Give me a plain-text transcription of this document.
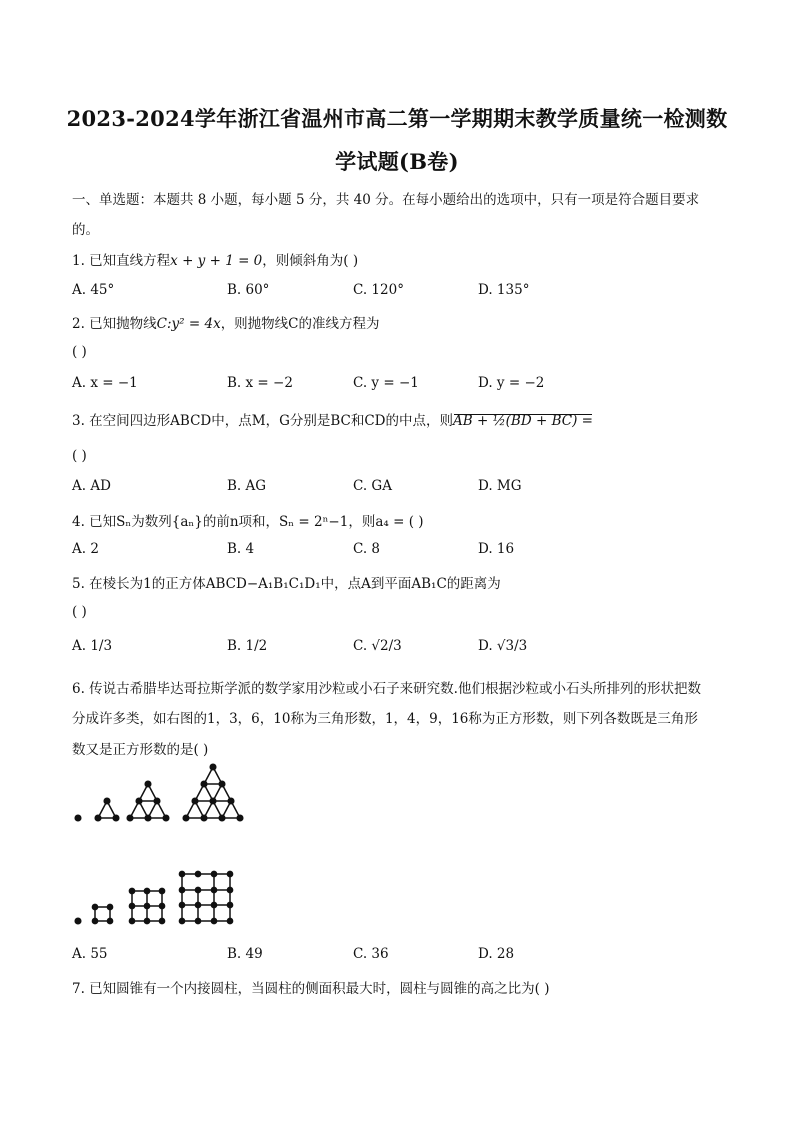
2023-2024学年浙江省温州市高二第一学期期末教学质量统一检测数
学试题(B卷)
一、单选题：本题共 8 小题，每小题 5 分，共 40 分。在每小题给出的选项中，只有一项是符合题目要求
的。
1. 已知直线方程x + y + 1 = 0，则倾斜角为( )
A. 45°	B. 60°	C. 120°	D. 135°
2. 已知抛物线C:y² = 4x，则抛物线C的准线方程为
( )
A. x = −1	B. x = −2	C. y = −1	D. y = −2
3. 在空间四边形ABCD中，点M，G分别是BC和CD的中点，则AB + ½(BD + BC) =
( )
A. AD	B. AG	C. GA	D. MG
4. 已知Sₙ为数列{aₙ}的前n项和，Sₙ = 2ⁿ−1，则a₄ = ( )
A. 2	B. 4	C. 8	D. 16
5. 在棱长为1的正方体ABCD−A₁B₁C₁D₁中，点A到平面AB₁C的距离为
( )
A. 1/3	B. 1/2	C. √2/3	D. √3/3
6. 传说古希腊毕达哥拉斯学派的数学家用沙粒或小石子来研究数.他们根据沙粒或小石头所排列的形状把数
分成许多类，如右图的1，3，6，10称为三角形数，1，4，9，16称为正方形数，则下列各数既是三角形
数又是正方形数的是( )
A. 55	B. 49	C. 36	D. 28
7. 已知圆锥有一个内接圆柱，当圆柱的侧面积最大时，圆柱与圆锥的高之比为( )
